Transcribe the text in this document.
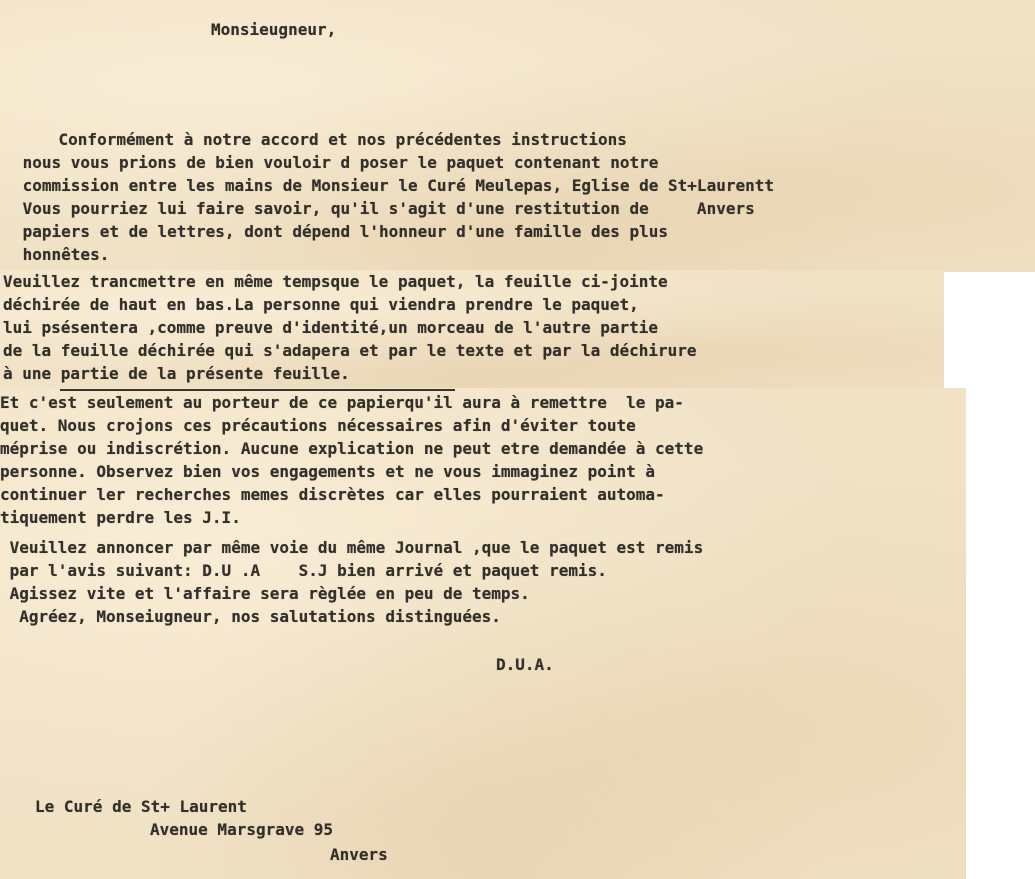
Monsieugneur,
Conformément à notre accord et nos précédentes instructions
nous vous prions de bien vouloir d poser le paquet contenant notre
commission entre les mains de Monsieur le Curé Meulepas, Eglise de St+Laurentt
Vous pourriez lui faire savoir, qu'il s'agit d'une restitution de     Anvers
papiers et de lettres, dont dépend l'honneur d'une famille des plus
honnêtes.
Veuillez trancmettre en même tempsque le paquet, la feuille ci-jointe
déchirée de haut en bas.La personne qui viendra prendre le paquet,
lui psésentera ,comme preuve d'identité,un morceau de l'autre partie
de la feuille déchirée qui s'adapera et par le texte et par la déchirure
à une partie de la présente feuille.
Et c'est seulement au porteur de ce papierqu'il aura à remettre  le pa-
quet. Nous crojons ces précautions nécessaires afin d'éviter toute
méprise ou indiscrétion. Aucune explication ne peut etre demandée à cette
personne. Observez bien vos engagements et ne vous immaginez point à
continuer ler recherches memes discrètes car elles pourraient automa-
tiquement perdre les J.I.
Veuillez annoncer par même voie du même Journal ,que le paquet est remis
par l'avis suivant: D.U .A    S.J bien arrivé et paquet remis.
Agissez vite et l'affaire sera règlée en peu de temps.
Agréez, Monseiugneur, nos salutations distinguées.
D.U.A.
Le Curé de St+ Laurent
Avenue Marsgrave 95
Anvers
